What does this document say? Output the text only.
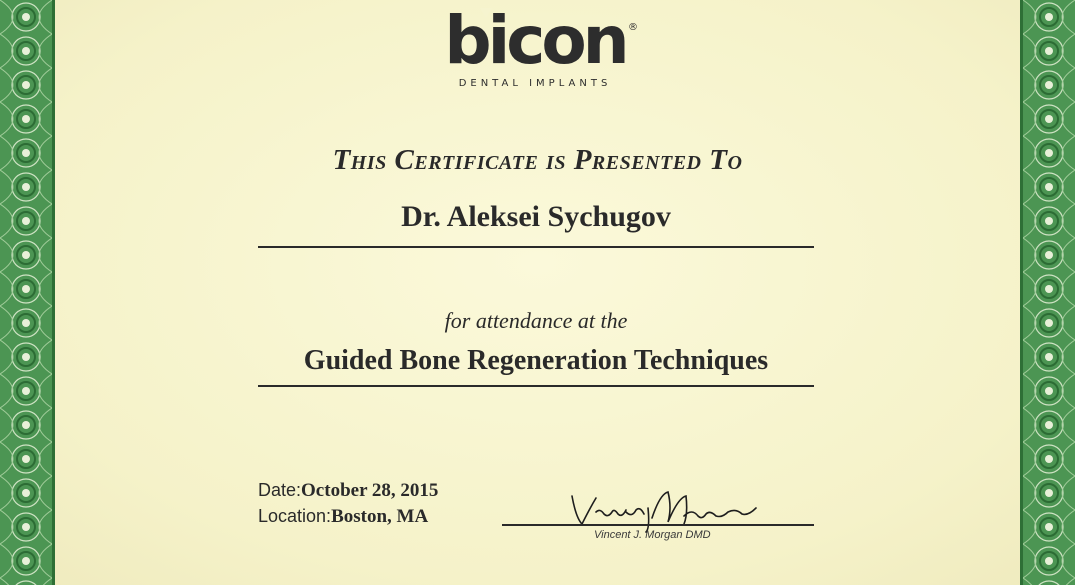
bicon ®
DENTAL IMPLANTS
This Certificate is Presented To
Dr. Aleksei Sychugov
for attendance at the
Guided Bone Regeneration Techniques
Date:October 28, 2015
Location:Boston, MA
Vincent J. Morgan DMD
